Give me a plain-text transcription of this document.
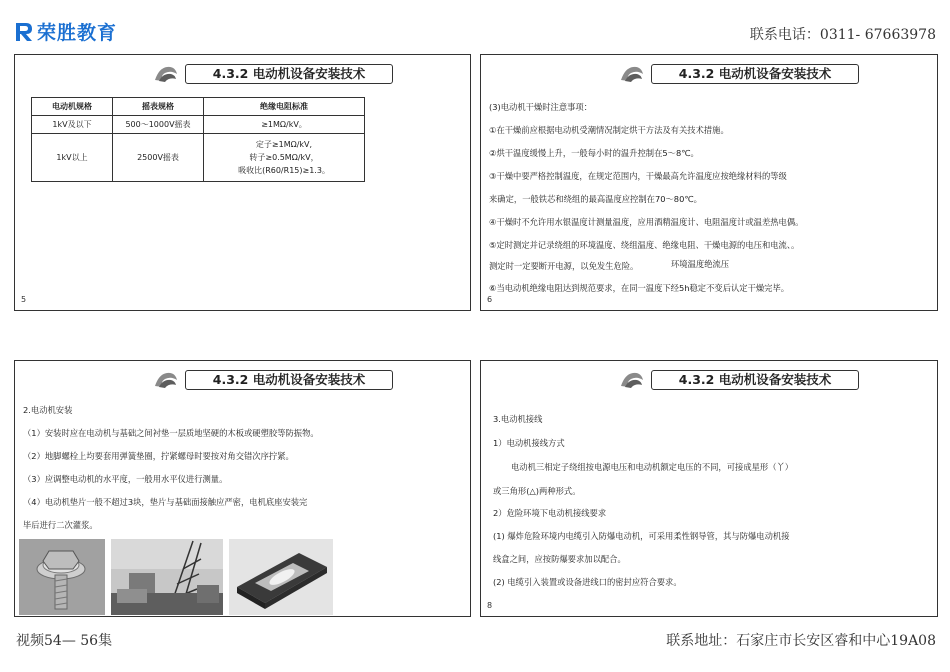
荣胜教育	联系电话：0311- 67663978
4.3.2 电动机设备安装技术
电动机规格	摇表规格	绝缘电阻标准
1kV及以下	500～1000V摇表	≥1MΩ/kV。
1kV以上	2500V摇表	定子≥1MΩ/kV,
转子≥0.5MΩ/kV，
吸收比(R60/R15)≥1.3。
5
4.3.2 电动机设备安装技术
(3)电动机干燥时注意事项：
①在干燥前应根据电动机受潮情况制定烘干方法及有关技术措施。
②烘干温度缓慢上升，一般每小时的温升控制在5～8℃。
③干燥中要严格控制温度，在规定范围内，干燥最高允许温度应按绝缘材料的等级
来确定，一般铁芯和绕组的最高温度应控制在70～80℃。
④干燥时不允许用水银温度计测量温度，应用酒精温度计、电阻温度计或温差热电偶。
⑤定时测定并记录绕组的环境温度、绕组温度、绝缘电阻、干燥电源的电压和电流、。
测定时一定要断开电源，以免发生危险。	环境温度绝流压
⑥当电动机绝缘电阻达到规范要求，在同一温度下经5h稳定不变后认定干燥完毕。
6
4.3.2 电动机设备安装技术
2.电动机安装
（1）安装时应在电动机与基础之间衬垫一层质地坚硬的木板或硬塑胶等防振物。
（2）地脚螺栓上均要套用弹簧垫圈，拧紧螺母时要按对角交错次序拧紧。
（3）应调整电动机的水平度，一般用水平仪进行测量。
（4）电动机垫片一般不超过3块，垫片与基础面接触应严密，电机底座安装完
毕后进行二次灌浆。
4.3.2 电动机设备安装技术
3.电动机接线
1）电动机接线方式
电动机三相定子绕组按电源电压和电动机额定电压的不同，可接成星形（丫）
或三角形(△)两种形式。
2）危险环境下电动机接线要求
(1) 爆炸危险环境内电缆引入防爆电动机，可采用柔性钢导管，其与防爆电动机接
线盒之间，应按防爆要求加以配合。
(2) 电缆引入装置或设备进线口的密封应符合要求。
8
视频54— 56集	联系地址：石家庄市长安区睿和中心19A08
